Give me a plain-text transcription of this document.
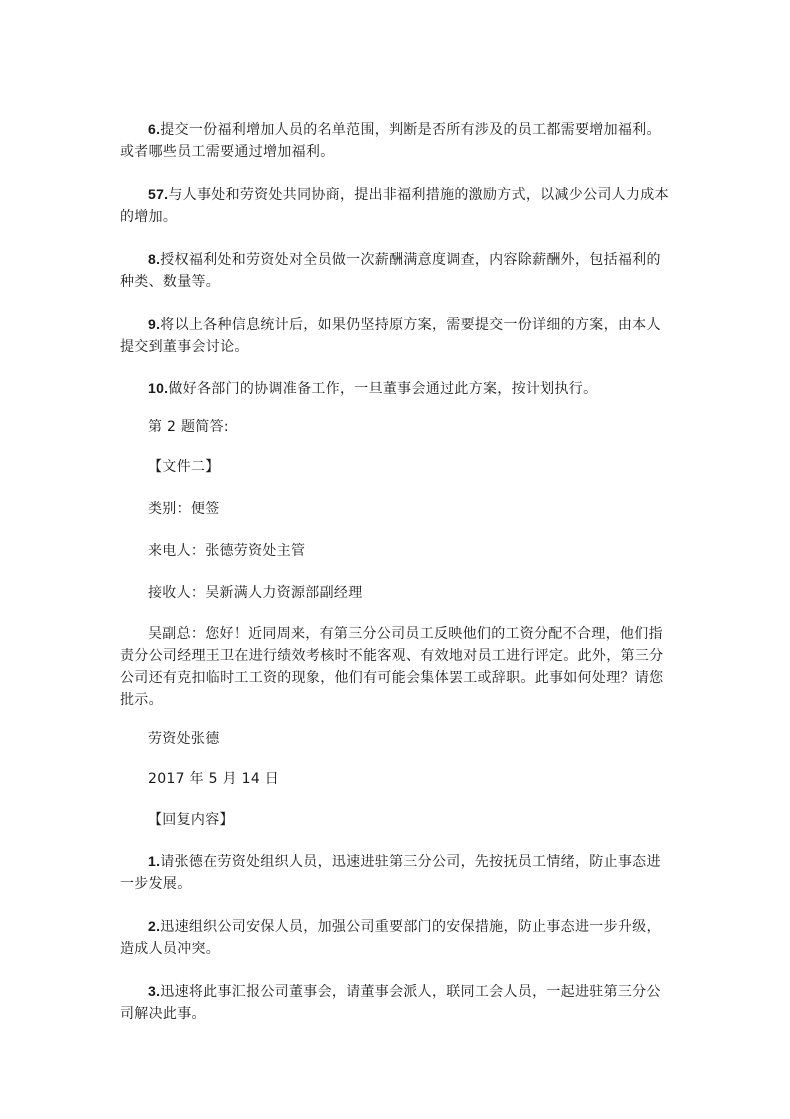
6.提交一份福利增加人员的名单范围，判断是否所有涉及的员工都需要增加福利。或者哪些员工需要通过增加福利。

57.与人事处和劳资处共同协商，提出非福利措施的激励方式，以减少公司人力成本的增加。

8.授权福利处和劳资处对全员做一次薪酬满意度调查，内容除薪酬外，包括福利的种类、数量等。

9.将以上各种信息统计后，如果仍坚持原方案，需要提交一份详细的方案，由本人提交到董事会讨论。

10.做好各部门的协调准备工作，一旦董事会通过此方案，按计划执行。

第 2 题简答:

【文件二】

类别：便签

来电人：张德劳资处主管

接收人：吴新满人力资源部副经理

吴副总：您好！近同周来，有第三分公司员工反映他们的工资分配不合理，他们指责分公司经理王卫在进行绩效考核时不能客观、有效地对员工进行评定。此外，第三分公司还有克扣临时工工资的现象，他们有可能会集体罢工或辞职。此事如何处理？请您批示。

劳资处张德

2017 年 5 月 14 日

【回复内容】

1.请张德在劳资处组织人员，迅速进驻第三分公司，先按抚员工情绪，防止事态进一步发展。

2.迅速组织公司安保人员，加强公司重要部门的安保措施，防止事态进一步升级，造成人员冲突。

3.迅速将此事汇报公司董事会，请董事会派人，联同工会人员，一起进驻第三分公司解决此事。
